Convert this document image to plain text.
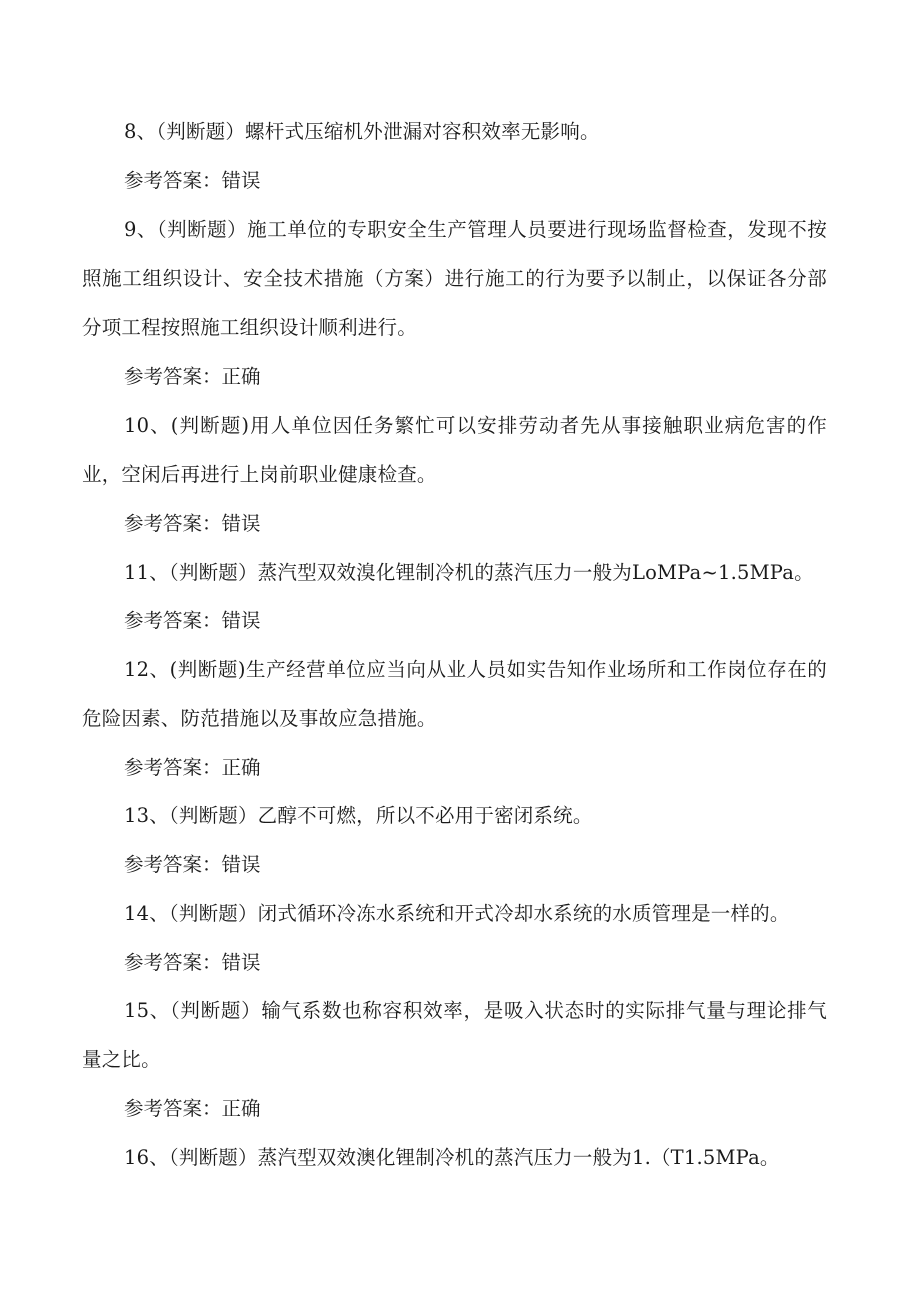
8、（判断题）螺杆式压缩机外泄漏对容积效率无影响。

参考答案：错误

9、（判断题）施工单位的专职安全生产管理人员要进行现场监督检查，发现不按照施工组织设计、安全技术措施（方案）进行施工的行为要予以制止，以保证各分部分项工程按照施工组织设计顺利进行。

参考答案：正确

10、(判断题)用人单位因任务繁忙可以安排劳动者先从事接触职业病危害的作业，空闲后再进行上岗前职业健康检查。

参考答案：错误

11、（判断题）蒸汽型双效溴化锂制冷机的蒸汽压力一般为LoMPa~1.5MPa。

参考答案：错误

12、(判断题)生产经营单位应当向从业人员如实告知作业场所和工作岗位存在的危险因素、防范措施以及事故应急措施。

参考答案：正确

13、（判断题）乙醇不可燃，所以不必用于密闭系统。

参考答案：错误

14、（判断题）闭式循环冷冻水系统和开式冷却水系统的水质管理是一样的。

参考答案：错误

15、（判断题）输气系数也称容积效率，是吸入状态时的实际排气量与理论排气量之比。

参考答案：正确

16、（判断题）蒸汽型双效澳化锂制冷机的蒸汽压力一般为1.（T1.5MPa。
